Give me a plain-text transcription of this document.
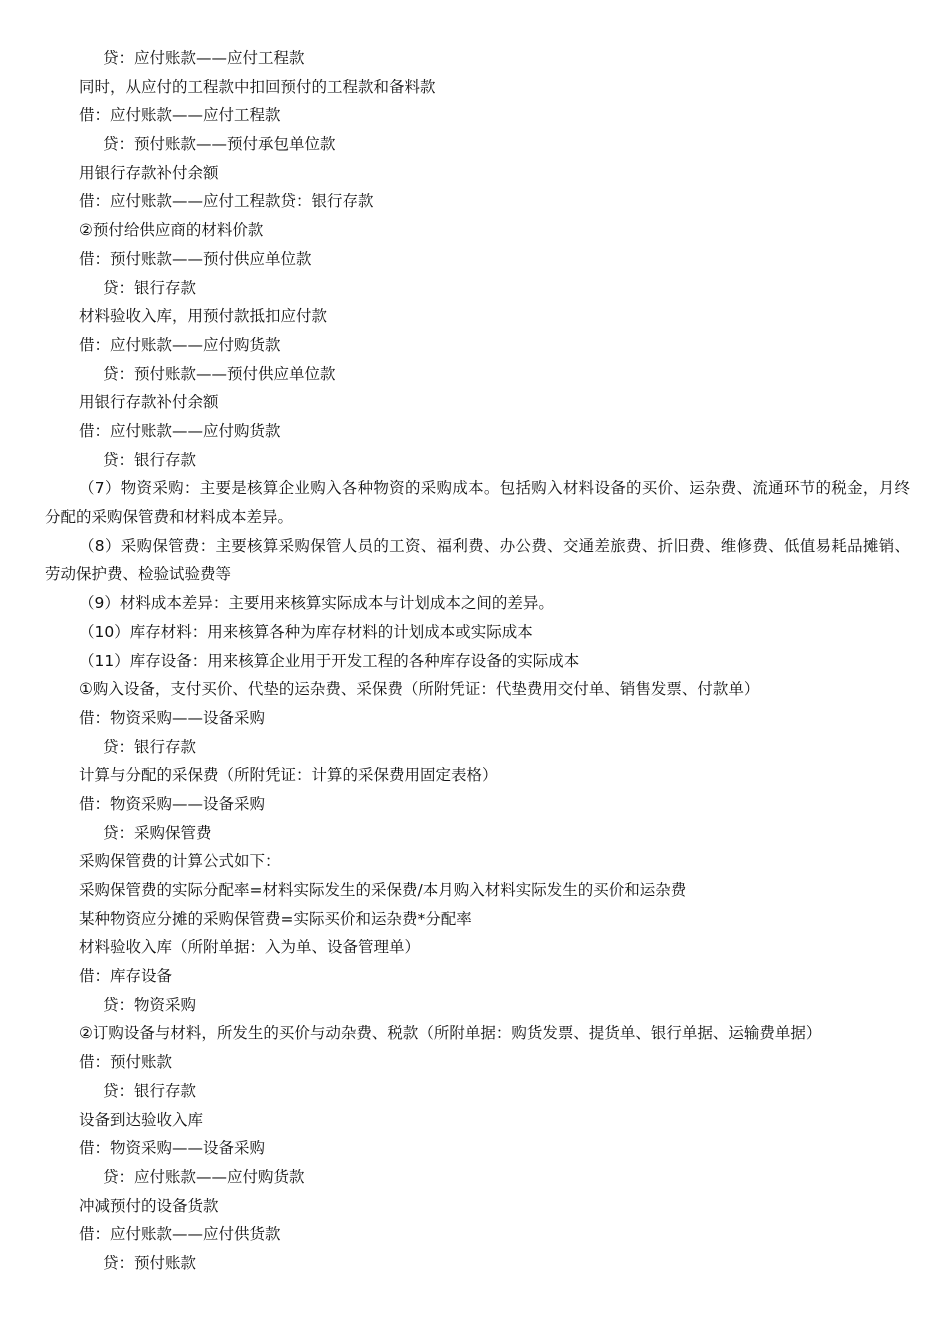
贷：应付账款——应付工程款
同时，从应付的工程款中扣回预付的工程款和备料款
借：应付账款——应付工程款
贷：预付账款——预付承包单位款
用银行存款补付余额
借：应付账款——应付工程款贷：银行存款
②预付给供应商的材料价款
借：预付账款——预付供应单位款
贷：银行存款
材料验收入库，用预付款抵扣应付款
借：应付账款——应付购货款
贷：预付账款——预付供应单位款
用银行存款补付余额
借：应付账款——应付购货款
贷：银行存款
（7）物资采购：主要是核算企业购入各种物资的采购成本。包括购入材料设备的买价、运杂费、流通环节的税金，月终分配的采购保管费和材料成本差异。
（8）采购保管费：主要核算采购保管人员的工资、福利费、办公费、交通差旅费、折旧费、维修费、低值易耗品摊销、劳动保护费、检验试验费等
（9）材料成本差异：主要用来核算实际成本与计划成本之间的差异。
（10）库存材料：用来核算各种为库存材料的计划成本或实际成本
（11）库存设备：用来核算企业用于开发工程的各种库存设备的实际成本
①购入设备，支付买价、代垫的运杂费、采保费（所附凭证：代垫费用交付单、销售发票、付款单）
借：物资采购——设备采购
贷：银行存款
计算与分配的采保费（所附凭证：计算的采保费用固定表格）
借：物资采购——设备采购
贷：采购保管费
采购保管费的计算公式如下：
采购保管费的实际分配率=材料实际发生的采保费/本月购入材料实际发生的买价和运杂费
某种物资应分摊的采购保管费=实际买价和运杂费*分配率
材料验收入库（所附单据：入为单、设备管理单）
借：库存设备
贷：物资采购
②订购设备与材料，所发生的买价与动杂费、税款（所附单据：购货发票、提货单、银行单据、运输费单据）
借：预付账款
贷：银行存款
设备到达验收入库
借：物资采购——设备采购
贷：应付账款——应付购货款
冲减预付的设备货款
借：应付账款——应付供货款
贷：预付账款
